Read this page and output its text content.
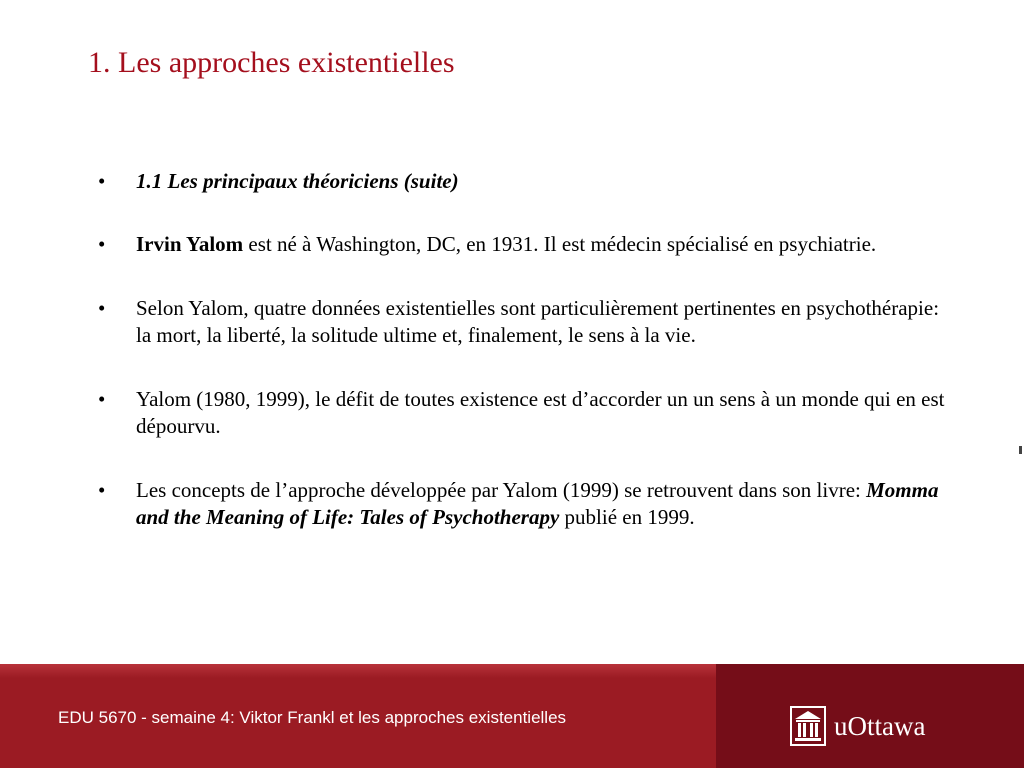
1. Les approches existentielles

• 1.1 Les principaux théoriciens (suite)

• Irvin Yalom est né à Washington, DC, en 1931. Il est médecin spécialisé en psychiatrie.

• Selon Yalom, quatre données existentielles sont particulièrement pertinentes en psychothérapie: la mort, la liberté, la solitude ultime et, finalement, le sens à la vie.

• Yalom (1980, 1999), le défit de toutes existence est d’accorder un un sens à un monde qui en est dépourvu.

• Les concepts de l’approche développée par Yalom (1999) se retrouvent dans son livre: Momma and the Meaning of Life: Tales of Psychotherapy publié en 1999.

EDU 5670 - semaine 4: Viktor Frankl et les approches existentielles	uOttawa
